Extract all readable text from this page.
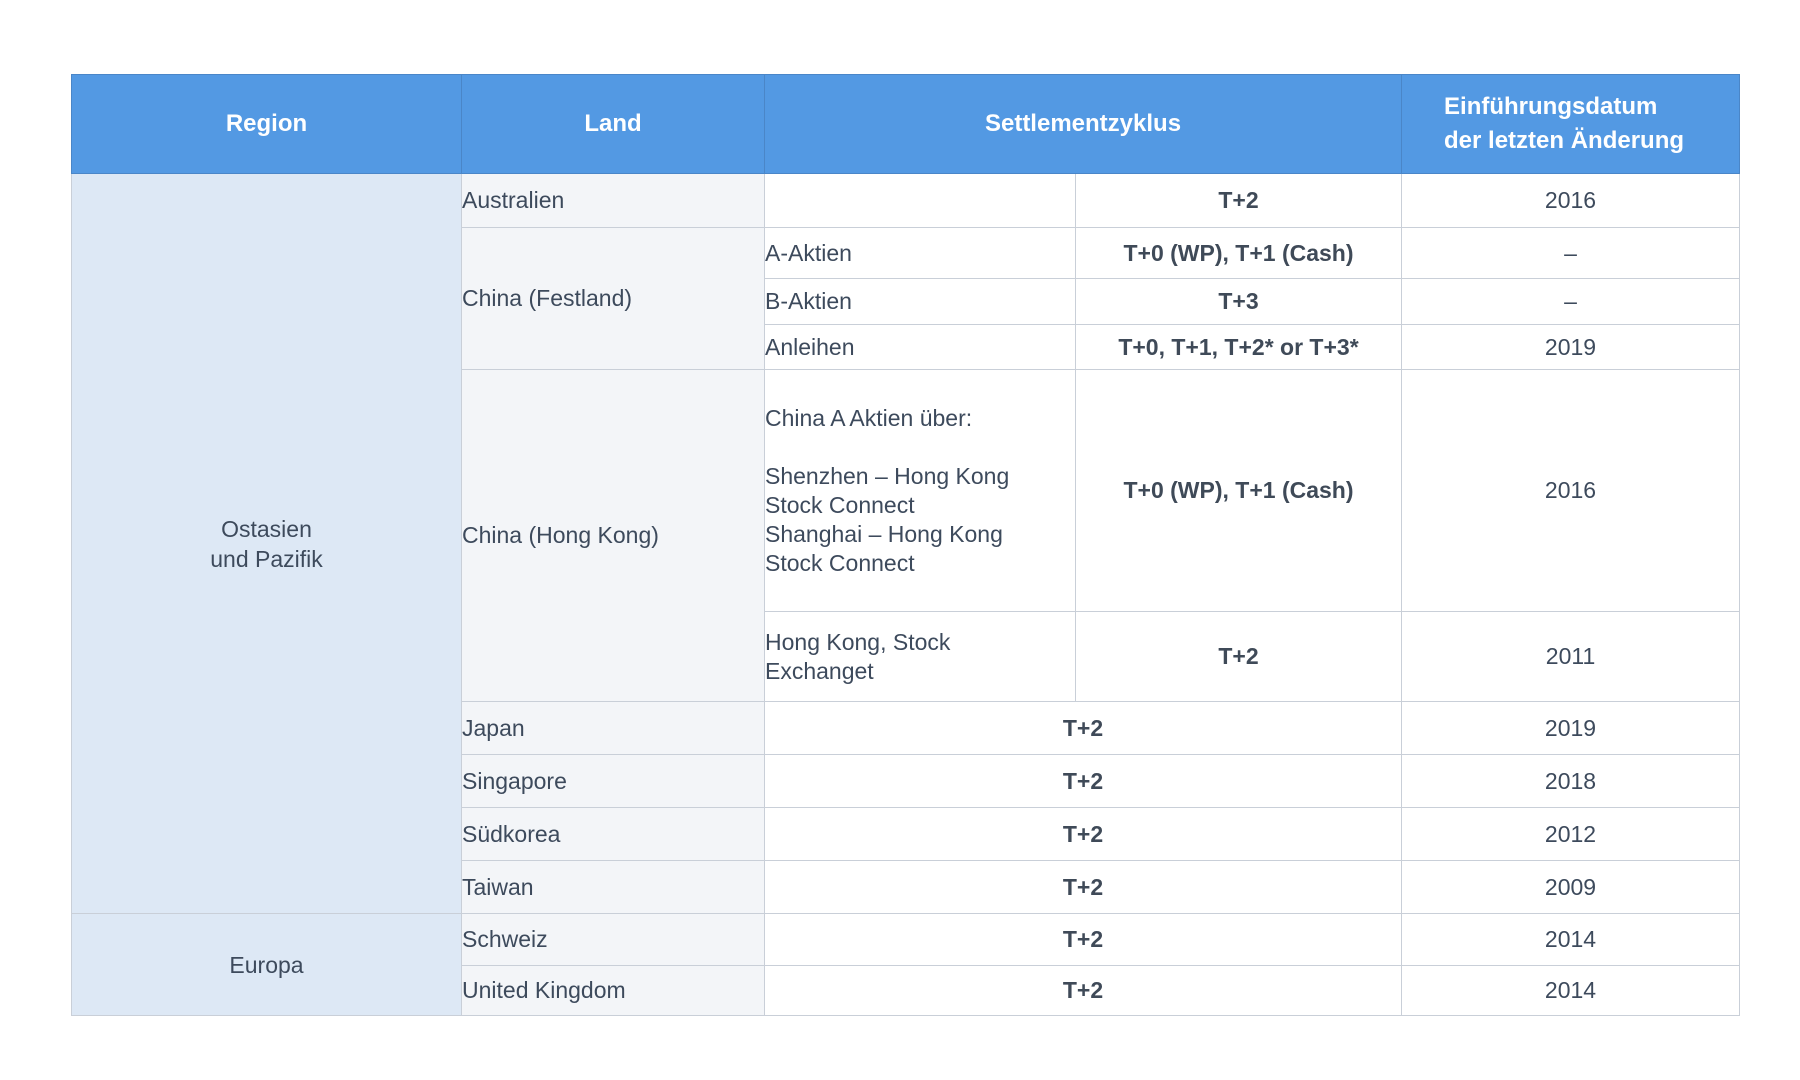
Region	Land	Settlementzyklus		Einführungsdatum
der letzten Änderung
Ostasien
und Pazifik	Australien		T+2	2016
	China (Festland)	A-Aktien	T+0 (WP), T+1 (Cash)	–
		B-Aktien	T+3	–
		Anleihen	T+0, T+1, T+2* or T+3*	2019
	China (Hong Kong)	China A Aktien über:
Shenzhen – Hong Kong
Stock Connect
Shanghai – Hong Kong
Stock Connect	T+0 (WP), T+1 (Cash)	2016
		Hong Kong, Stock
Exchanget	T+2	2011
	Japan	T+2		2019
	Singapore	T+2		2018
	Südkorea	T+2		2012
	Taiwan	T+2		2009

Europa	Schweiz	T+2		2014
	United Kingdom	T+2		2014
